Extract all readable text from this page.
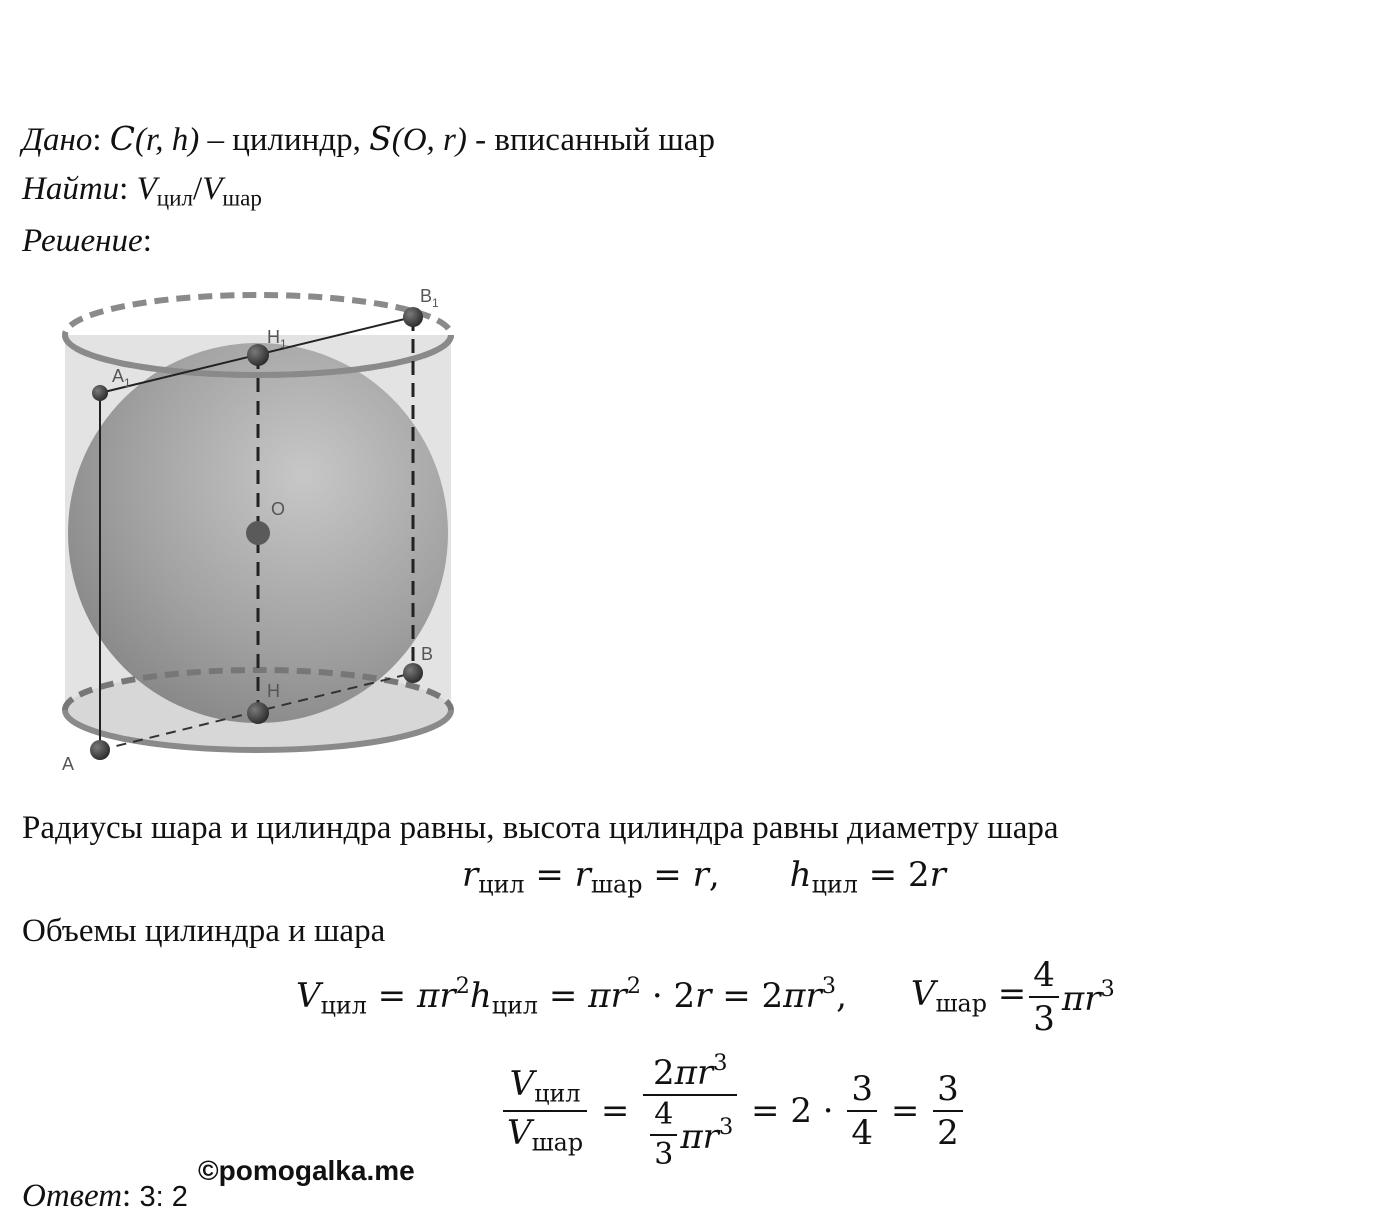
Дано: C(r, h) – цилиндр, S(O, r) - вписанный шар
Найти: $V_{цил}/V_{шар}$
Решение:
$A_1$
$B_1$
$H_1$
O
B
H
A
Радиусы шара и цилиндра равны, высота цилиндра равны диаметру шара
$r_{цил} = r_{шар} = r$, $h_{цил} = 2r$
Объемы цилиндра и шара
$V_{цил} = \pi r^2h_{цил} = \pi r^2 \cdot 2r = 2\pi r^3$, $V_{шар} = \frac{4}{3} \pi r^3$
$\frac{V_{цил}}{V_{шар}} = \frac{2\pi r^3}{\frac{4}{3} \pi r^3} = 2 \cdot \frac{3}{4} = \frac{3}{2}$
©pomogalka.me
Ответ: 3: 2
